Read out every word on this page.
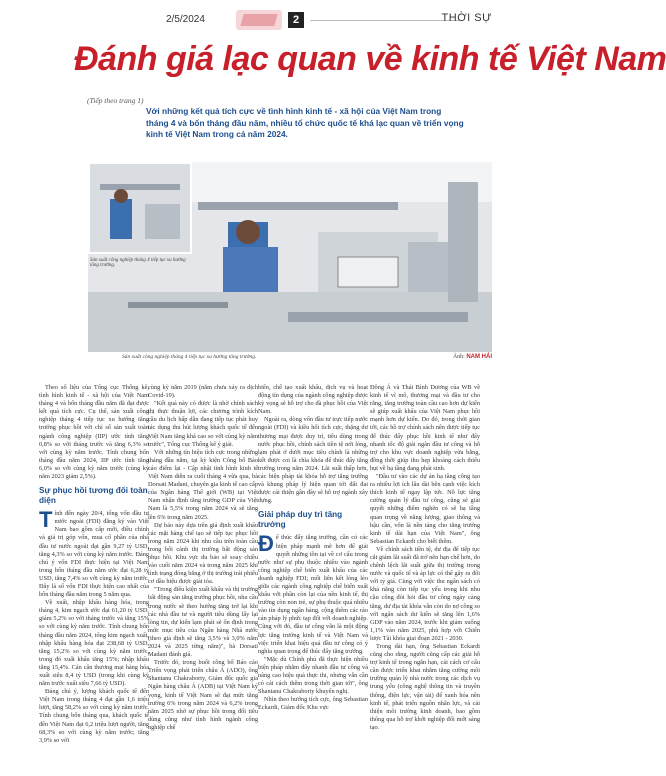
2/5/2024	2	THỜI SỰ
Đánh giá lạc quan về kinh tế Việt Nam
(Tiếp theo trang 1)
Với những kết quả tích cực về tình hình kinh tế - xã hội của Việt Nam trong tháng 4 và bốn tháng đầu năm, nhiều tổ chức quốc tế khá lạc quan về triển vọng kinh tế Việt Nam trong cả năm 2024.
Sản xuất công nghiệp tháng 4 tiếp tục xu hướng tăng trưởng.
Sản xuất công nghiệp tháng 4 tiếp tục xu hướng tăng trưởng.	Ảnh: NAM HẢI

Theo số liệu của Tổng cục Thống kê, tình hình kinh tế - xã hội của Việt Nam tháng 4 và bốn tháng đầu năm đã đạt được kết quả tích cực. Cụ thể, sản xuất công nghiệp tháng 4 tiếp tục xu hướng tăng trưởng phục hồi với chỉ số sản xuất toàn ngành công nghiệp (IIP) ước tính tăng 0,8% so với tháng trước và tăng 6,3% so với cùng kỳ năm trước. Tính chung bốn tháng đầu năm 2024, IIP ước tính tăng 6,0% so với cùng kỳ năm trước (cùng kỳ năm 2023 giảm 2,5%).

Sự phục hồi tương đối toàn diện

Tính đến ngày 20/4, tổng vốn đầu tư nước ngoài (FDI) đăng ký vào Việt Nam bao gồm cấp mới, điều chỉnh và giá trị góp vốn, mua cổ phần của nhà đầu tư nước ngoài đạt gần 9,27 tỷ USD, tăng 4,3% so với cùng kỳ năm trước. Đáng chú ý vốn FDI thực hiện tại Việt Nam trong bốn tháng đầu năm ước đạt 6,28 tỷ USD, tăng 7,4% so với cùng kỳ năm trước. Đây là số vốn FDI thực hiện cao nhất của bốn tháng đầu năm trong 5 năm qua.

Về xuất, nhập khẩu hàng hóa, trong tháng 4, kim ngạch ước đạt 61,20 tỷ USD, giảm 5,2% so với tháng trước và tăng 15% so với cùng kỳ năm trước. Tính chung bốn tháng đầu năm 2024, tổng kim ngạch xuất, nhập khẩu hàng hóa đạt 238,68 tỷ USD, tăng 15,2% so với cùng kỳ năm trước, trong đó xuất khẩu tăng 15%; nhập khẩu tăng 15,4%. Cán cân thương mại hàng hóa xuất siêu 8,4 tỷ USD (trong khi cùng kỳ năm trước xuất siêu 7,66 tỷ USD).

Đáng chú ý, lượng khách quốc tế đến Việt Nam trong tháng 4 đạt gần 1,6 triệu lượt, tăng 58,2% so với cùng kỳ năm trước. Tính chung bốn tháng qua, khách quốc tế đến Việt Nam đạt 6,2 triệu lượt người, tăng 68,3% so với cùng kỳ năm trước; tăng 3,9% so với

cùng kỳ năm 2019 (năm chưa xảy ra dịch Covid-19).

"Kết quả này có được là nhờ chính sách thị thực thuận lợi, các chương trình kích cầu du lịch hấp dẫn đang tiếp tục phát huy tác dụng thu hút lượng khách quốc tế đến Việt Nam tăng khá cao so với cùng kỳ năm trước", Tổng cục Thống kê ý giải.

Với những tín hiệu tích cực trong những tháng đầu năm, tại kỳ kiện Công bố Báo cáo điểm lại - Cập nhật tình hình kinh tế Việt Nam diễn ra cuối tháng 4 vừa qua, bà Dorsati Madani, chuyên gia kinh tế cao cấp của Ngân hàng Thế giới (WB) tại Việt Nam nhận định tăng trưởng GDP của Việt Nam là 5,5% trong năm 2024 và sẽ tăng lên 6% trong năm 2025.

Dự báo này dựa trên giả định xuất khẩu các mặt hàng chế tạo sẽ tiếp tục phục hồi trong năm 2024 khi nhu cầu trên toàn cầu trong bối cảnh thị trường bất động sản phục hồi. Khu vực du bảo sẽ soay chiều vào cuối năm 2024 và trong năm 2025 khi tình trạng đóng băng ở thị trường trái phiếu cơ dầu hiệu được giải tỏa.

"Trong điều kiện xuất khẩu và thị trường bất động sản tăng trưởng phục hồi, nhu cầu trong nước sẽ theo hướng tăng trở lại khi các nhà đầu tư và người tiêu dùng lấy lại lòng tin, dự kiến lạm phát sẽ ổn định trong mức mục tiêu của Ngân hàng Nhà nước (theo giả định sẽ tăng 3,5% và 3,0% năm 2024 và 2025 từng năm)", bà Dorsati Madani đánh giá.

Trước đó, trong buổi công bố Báo cáo Triển vọng phát triển châu Á (ADO), ông Shantanu Chakraborty, Giám đốc quốc gia Ngân hàng châu Á (ADB) tại Việt Nam kỳ vọng, kinh tế Việt Nam sẽ đạt mức tăng trưởng 6% trong năm 2024 và 6,2% trong năm 2025 nhờ sự phục hồi trong đối tiêu dùng cũng như tình hình ngành công nghiệp chế

biến, chế tạo xuất khẩu, dịch vụ và hoạt động tín dụng của ngành công nghiệp được kỳ vọng sẽ hỗ trợ cho đà phục hồi của Việt Nam.

Ngoài ra, dòng vốn đầu tư trực tiếp nước ngoài (FDI) và kiều hối tích cực, thặng dư thương mại được duy trì, tiêu dùng trong nước phục hồi, chính sách tiền tệ nới lỏng, lạm phát ở dưới mục tiêu chính là những kết được coi là chìa khóa để thúc đẩy tăng trưởng trong năm 2024. Lãi suất thấp hơn, các biện pháp tài khóa hỗ trợ tăng trưởng và khung pháp lý hiện quan tới đất đai được cải thiện gần đây sẽ hỗ trợ ngành xây dựng.

Giải pháp duy trì tăng trưởng

Để thúc đẩy tăng trưởng, cần có các biện pháp mạnh mẽ hơn để giải quyết những tồn tại về cơ cấu trong nước như sự phụ thuộc nhiều vào ngành công nghiệp chế biến xuất khẩu của các doanh nghiệp FDI; mối liên kết lỏng lẻo giữa các ngành công nghiệp chế biến xuất khẩu với phần còn lại của nền kinh tế, thị trường còn non trẻ, sự phụ thuộc quá nhiều vào tín dụng ngân hàng, cộng thêm các rào cản pháp lý phức tạp đối với doanh nghiệp. Cũng với đó, đầu tư công vẫn là một động lực tăng trưởng kinh tế và Việt Nam và việc triển khai hiệu quả đầu tư công có ý nghĩa quan trọng để thúc đẩy tăng trưởng.

"Mặc dù Chính phủ đã thực hiện nhiều biện pháp nhằm đẩy nhanh đầu tư công và nâng cao hiệu quả thực thi, nhưng vẫn cần có cải cách thêm trong thời gian tới", ông Shantanu Chakraborty khuyến nghị.

Nhìn theo hướng tích cực, ông Sebastian Eckardt, Giám đốc Khu vực

Đông Á và Thái Bình Dương của WB về kinh tế vĩ mô, thương mại và đầu tư cho rằng, tăng trưởng toàn cầu cao hơn dự kiến sẽ giúp xuất khẩu của Việt Nam phục hồi mạnh hơn dự kiến. Do đó, trong thời gian tới, các hồ trợ chính sách nên được tiếp tục để thúc đẩy phục hồi kinh tế như đẩy nhanh tốc độ giải ngân đầu tư công và hỗ trợ cho khu vực doanh nghiệp vừa bằng, đồng thời giúp thu hẹp khoảng cách thiếu hụt về hạ tầng đang phát sinh.

"Đầu tư vào các dự án hạ tầng công tạo ra nhiều lợi ích lâu dài bên cạnh việc kích thích kinh tế ngay lập tức. Nỗ lực tăng cường quản lý đầu tư công, cũng sẽ giải quyết những điểm nghẽn có sẽ hạ tầng quan trọng về năng lượng, giao thông và hậu cần, vốn là nền tảng cho tăng trưởng kinh tế dài hạn của Việt Nam", ông Sebastian Eckardt cho biết thêm.

Về chính sách tiền tệ, dư địa để tiếp tục cắt giảm lãi suất đã trở nên hạn chế hơn, do chênh lệch lãi suất giữa thị trường trong nước và quốc tế và áp lực có thể gây ra đối với tỷ giá. Cùng với việc thu ngân sách có khả năng còn tiếp tục yếu trong khi nhu cầu công đòi hỏi đầu tư công ngày càng tăng, dư địa tài khóa vẫn còn do nợ công so với ngân sách dư kiến sẽ tăng lên 1,6% GDP vào năm 2024, trước khi giảm xuống 1,1% vào năm 2025, phù hợp với Chiến lược Tài khóa giai đoạn 2021 - 2030.

Trong dài hạn, ông Sebastian Eckardt cũng cho rằng, người cũng cấp các giải hỗ trợ kinh tế trong ngắn hạn, cải cách cơ cấu cần được triển khai nhằm tăng cường môi trường quản lý nhà nước trong các dịch vụ trung yếu (công nghệ thông tin và truyền thông, điện lực, vận tải) để xanh hóa nền kinh tế, phát triển nguồn nhân lực, và cải thiện môi trường kinh doanh, bao gồm thông qua hỗ trợ khởi nghiệp đổi mới sáng tạo.
